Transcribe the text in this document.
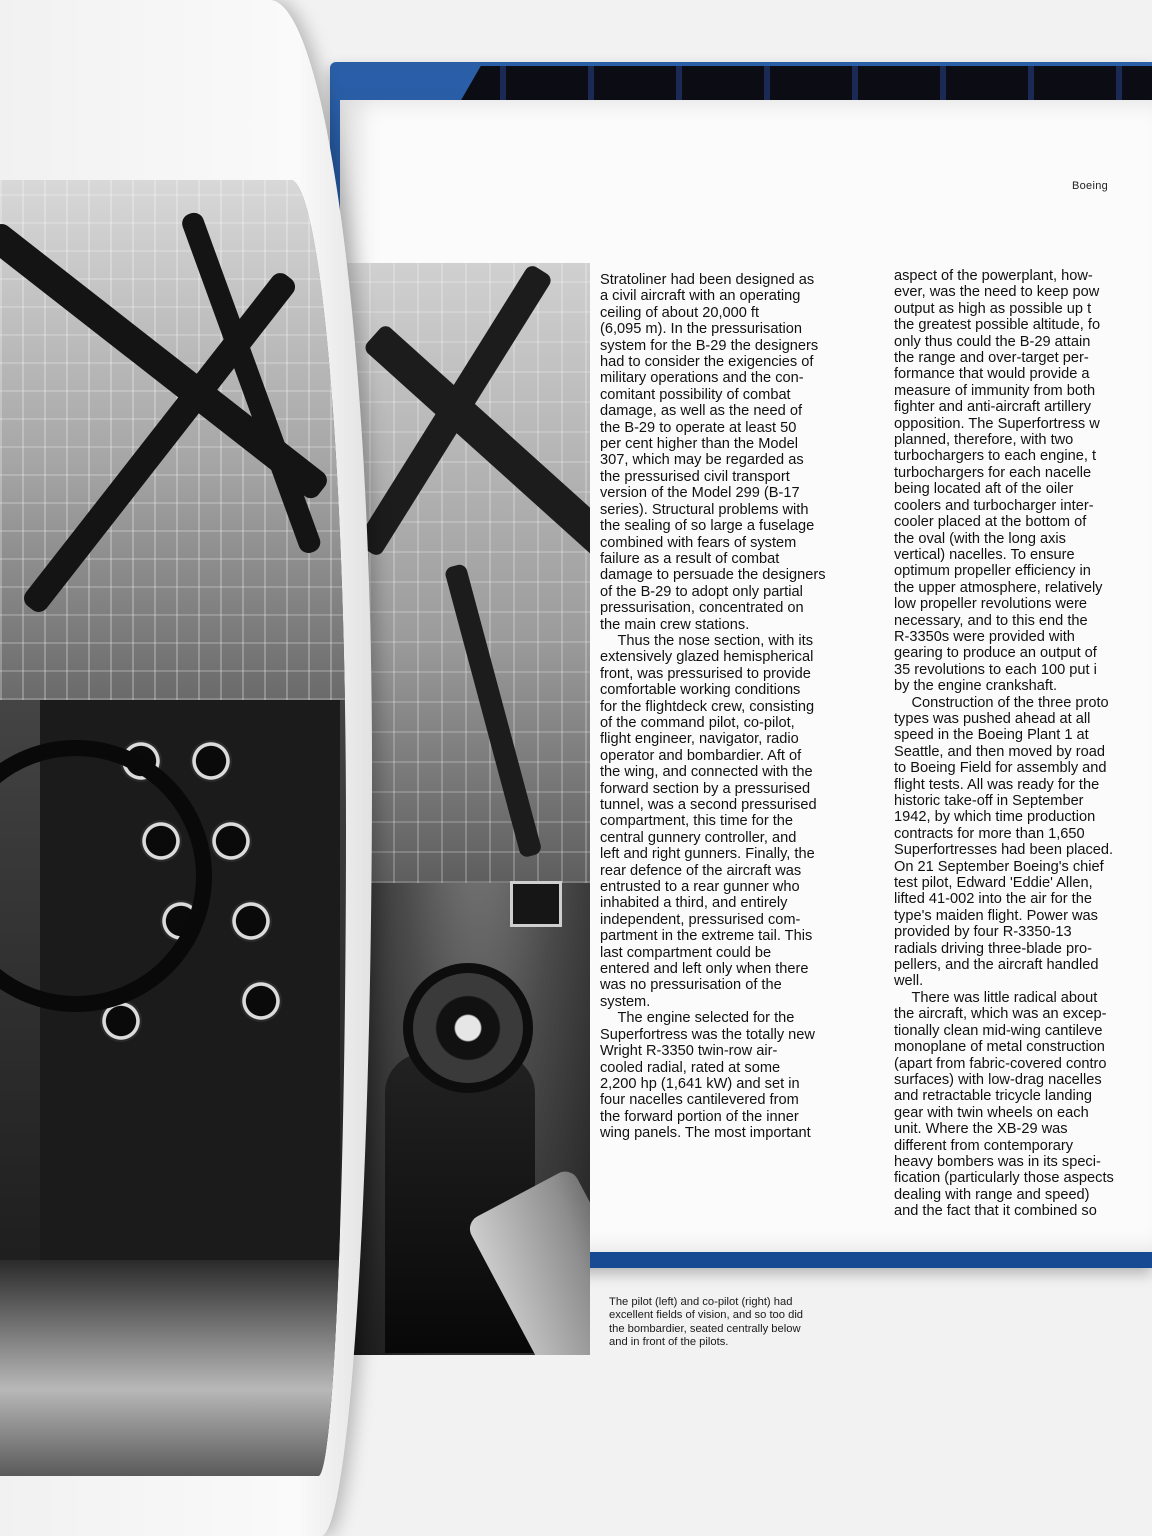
Boeing

Stratoliner had been designed as
a civil aircraft with an operating
ceiling of about 20,000 ft
(6,095 m). In the pressurisation
system for the B-29 the designers
had to consider the exigencies of
military operations and the con-
comitant possibility of combat
damage, as well as the need of
the B-29 to operate at least 50
per cent higher than the Model
307, which may be regarded as
the pressurised civil transport
version of the Model 299 (B-17
series). Structural problems with
the sealing of so large a fuselage
combined with fears of system
failure as a result of combat
damage to persuade the designers
of the B-29 to adopt only partial
pressurisation, concentrated on
the main crew stations.

Thus the nose section, with its
extensively glazed hemispherical
front, was pressurised to provide
comfortable working conditions
for the flightdeck crew, consisting
of the command pilot, co-pilot,
flight engineer, navigator, radio
operator and bombardier. Aft of
the wing, and connected with the
forward section by a pressurised
tunnel, was a second pressurised
compartment, this time for the
central gunnery controller, and
left and right gunners. Finally, the
rear defence of the aircraft was
entrusted to a rear gunner who
inhabited a third, and entirely
independent, pressurised com-
partment in the extreme tail. This
last compartment could be
entered and left only when there
was no pressurisation of the
system.

The engine selected for the
Superfortress was the totally new
Wright R-3350 twin-row air-
cooled radial, rated at some
2,200 hp (1,641 kW) and set in
four nacelles cantilevered from
the forward portion of the inner
wing panels. The most important

aspect of the powerplant, how-
ever, was the need to keep pow
output as high as possible up t
the greatest possible altitude, fo
only thus could the B-29 attain
the range and over-target per-
formance that would provide a
measure of immunity from both
fighter and anti-aircraft artillery
opposition. The Superfortress w
planned, therefore, with two
turbochargers to each engine, t
turbochargers for each nacelle
being located aft of the oiler
coolers and turbocharger inter-
cooler placed at the bottom of
the oval (with the long axis
vertical) nacelles. To ensure
optimum propeller efficiency in
the upper atmosphere, relatively
low propeller revolutions were
necessary, and to this end the
R-3350s were provided with
gearing to produce an output of
35 revolutions to each 100 put i
by the engine crankshaft.

Construction of the three proto
types was pushed ahead at all
speed in the Boeing Plant 1 at
Seattle, and then moved by road
to Boeing Field for assembly and
flight tests. All was ready for the
historic take-off in September
1942, by which time production
contracts for more than 1,650
Superfortresses had been placed.
On 21 September Boeing's chief
test pilot, Edward 'Eddie' Allen,
lifted 41-002 into the air for the
type's maiden flight. Power was
provided by four R-3350-13
radials driving three-blade pro-
pellers, and the aircraft handled
well.

There was little radical about
the aircraft, which was an excep-
tionally clean mid-wing cantileve
monoplane of metal construction
(apart from fabric-covered contro
surfaces) with low-drag nacelles
and retractable tricycle landing
gear with twin wheels on each
unit. Where the XB-29 was
different from contemporary
heavy bombers was in its speci-
fication (particularly those aspects
dealing with range and speed)
and the fact that it combined so

The pilot (left) and co-pilot (right) had
excellent fields of vision, and so too did
the bombardier, seated centrally below
and in front of the pilots.
